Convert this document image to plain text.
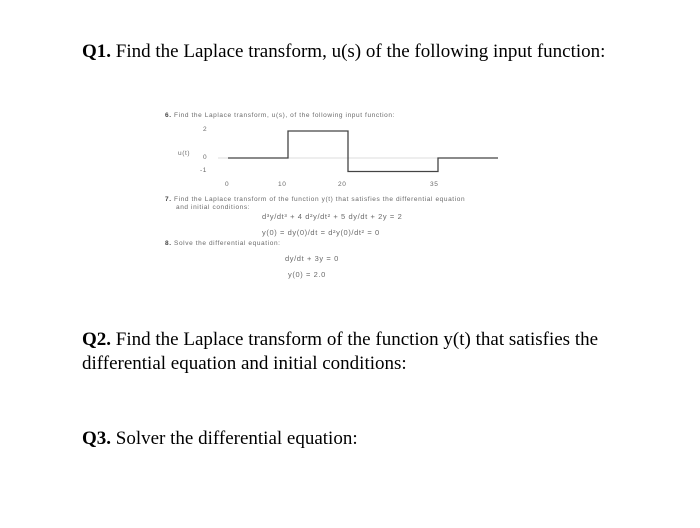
Q1. Find the Laplace transform, u(s) of the following input function:
6. Find the Laplace transform, u(s), of the following input function:
u(t)
2
0
-1
0	10	20	35
7. Find the Laplace transform of the function y(t) that satisfies the differential equation
and initial conditions:
d³y/dt³ + 4 d²y/dt² + 5 dy/dt + 2y = 2
y(0) = dy(0)/dt = d²y(0)/dt² = 0
8. Solve the differential equation:
dy/dt + 3y = 0
y(0) = 2.0
Q2. Find the Laplace transform of the function y(t) that satisfies the differential equation and initial conditions:
Q3. Solver the differential equation:
